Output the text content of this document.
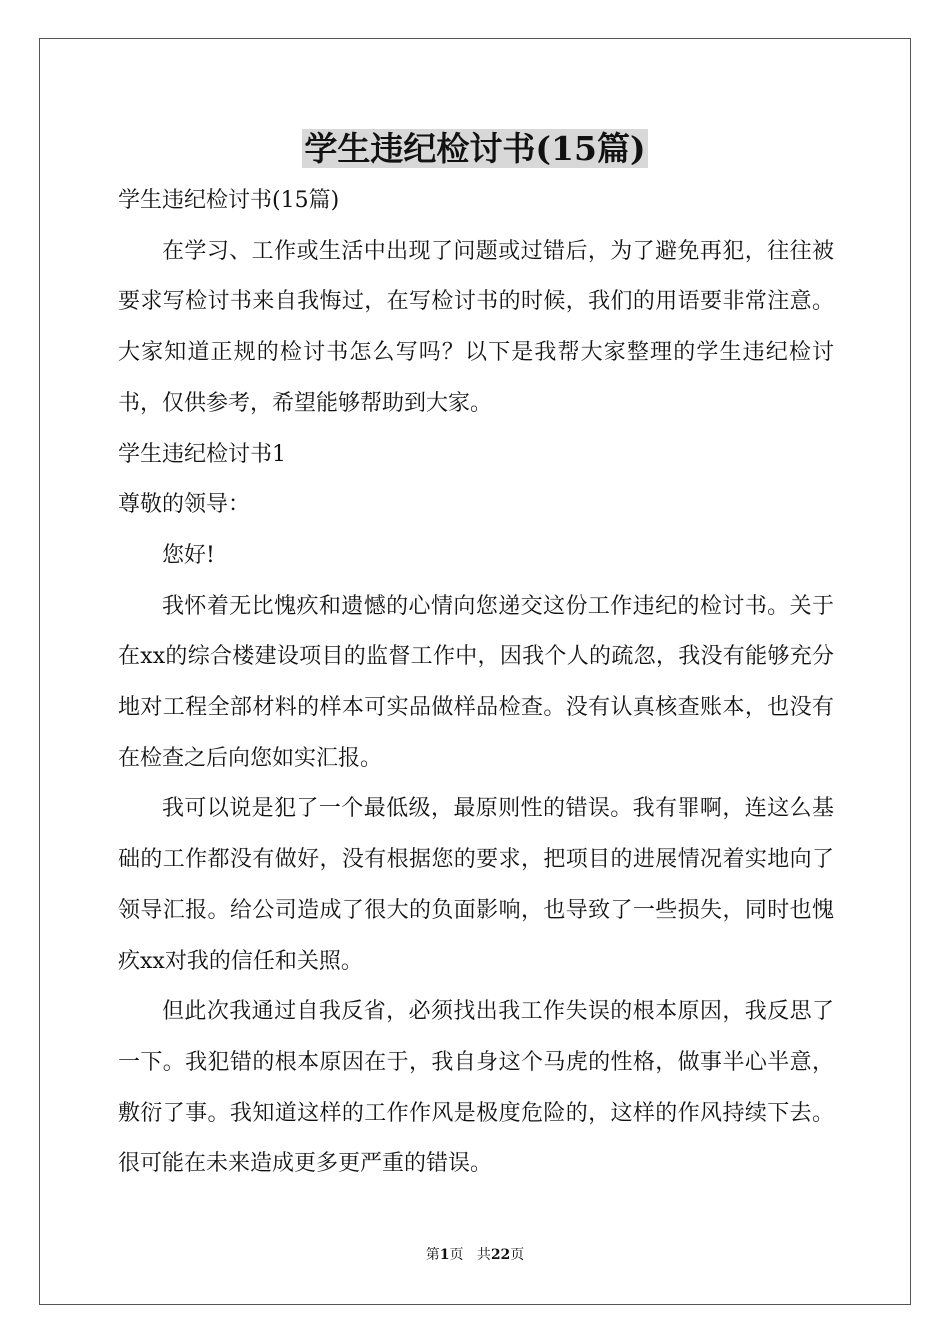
学生违纪检讨书(15篇)

学生违纪检讨书(15篇)

在学习、工作或生活中出现了问题或过错后，为了避免再犯，往往被要求写检讨书来自我悔过，在写检讨书的时候，我们的用语要非常注意。大家知道正规的检讨书怎么写吗？以下是我帮大家整理的学生违纪检讨书，仅供参考，希望能够帮助到大家。

学生违纪检讨书1

尊敬的领导：

您好!

我怀着无比愧疚和遗憾的心情向您递交这份工作违纪的检讨书。关于在xx的综合楼建设项目的监督工作中，因我个人的疏忽，我没有能够充分地对工程全部材料的样本可实品做样品检查。没有认真核查账本，也没有在检查之后向您如实汇报。

我可以说是犯了一个最低级，最原则性的错误。我有罪啊，连这么基础的工作都没有做好，没有根据您的要求，把项目的进展情况着实地向了领导汇报。给公司造成了很大的负面影响，也导致了一些损失，同时也愧疚xx对我的信任和关照。

但此次我通过自我反省，必须找出我工作失误的根本原因，我反思了一下。我犯错的根本原因在于，我自身这个马虎的性格，做事半心半意，敷衍了事。我知道这样的工作作风是极度危险的，这样的作风持续下去。很可能在未来造成更多更严重的错误。

第1页 共22页
